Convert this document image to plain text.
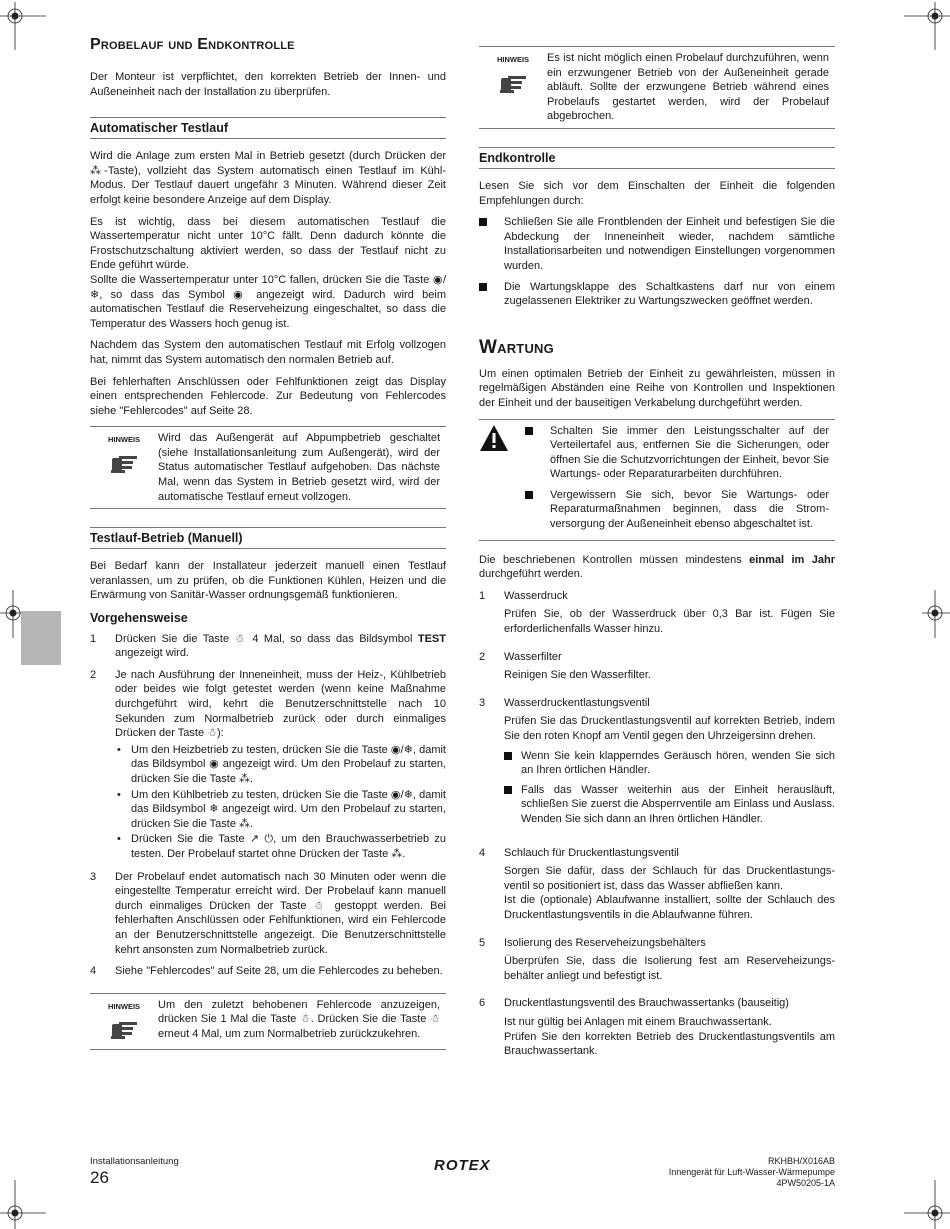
Probelauf und Endkontrolle

Der Monteur ist verpflichtet, den korrekten Betrieb der Innen- und Außeneinheit nach der Installation zu überprüfen.

Automatischer Testlauf

Wird die Anlage zum ersten Mal in Betrieb gesetzt (durch Drücken der ⁂-Taste), vollzieht das System automatisch einen Testlauf im Kühl-Modus. Der Testlauf dauert ungefähr 3 Minuten. Während dieser Zeit erfolgt keine besondere Anzeige auf dem Display.

Es ist wichtig, dass bei diesem automatischen Testlauf die Wassertemperatur nicht unter 10°C fällt. Denn dadurch könnte die Frostschutzschaltung aktiviert werden, so dass der Testlauf nicht zu Ende geführt würde.

Sollte die Wassertemperatur unter 10°C fallen, drücken Sie die Taste ◉/❄, so dass das Symbol ◉ angezeigt wird. Dadurch wird beim automatischen Testlauf die Reserveheizung eingeschaltet, so dass die Temperatur des Wassers hoch genug ist.

Nachdem das System den automatischen Testlauf mit Erfolg vollzogen hat, nimmt das System automatisch den normalen Betrieb auf.

Bei fehlerhaften Anschlüssen oder Fehlfunktionen zeigt das Display einen entsprechenden Fehlercode. Zur Bedeutung von Fehlercodes siehe "Fehlercodes" auf Seite 28.

HINWEIS	Wird das Außengerät auf Abpumpbetrieb geschaltet (siehe Installationsanleitung zum Außengerät), wird der Status automatischer Testlauf aufgehoben. Das nächste Mal, wenn das System in Betrieb gesetzt wird, wird der automatische Testlauf erneut vollzogen.
Testlauf-Betrieb (Manuell)

Bei Bedarf kann der Installateur jederzeit manuell einen Testlauf veranlassen, um zu prüfen, ob die Funktionen Kühlen, Heizen und die Erwärmung von Sanitär-Wasser ordnungsgemäß funktionieren.

Vorgehensweise
1	Drücken Sie die Taste ☃ 4 Mal, so dass das Bildsymbol TEST angezeigt wird.
2	Je nach Ausführung der Inneneinheit, muss der Heiz-, Kühlbetrieb oder beides wie folgt getestet werden (wenn keine Maßnahme durchgeführt wird, kehrt die Benutzerschnittstelle nach 10 Sekunden zum Normalbetrieb zurück oder durch einmaliges Drücken der Taste ☃):
• Um den Heizbetrieb zu testen, drücken Sie die Taste ◉/❄, damit das Bildsymbol ◉ angezeigt wird. Um den Probelauf zu starten, drücken Sie die Taste ⁂.
• Um den Kühlbetrieb zu testen, drücken Sie die Taste ◉/❄, damit das Bildsymbol ❄ angezeigt wird. Um den Probelauf zu starten, drücken Sie die Taste ⁂.
• Drücken Sie die Taste ↗ ⏻, um den Brauchwasserbetrieb zu testen. Der Probelauf startet ohne Drücken der Taste ⁂.
3	Der Probelauf endet automatisch nach 30 Minuten oder wenn die eingestellte Temperatur erreicht wird. Der Probelauf kann manuell durch einmaliges Drücken der Taste ☃ gestoppt werden. Bei fehlerhaften Anschlüssen oder Fehlfunktionen, wird ein Fehlercode an der Benutzerschnittstelle angezeigt. Die Benutzerschnittstelle kehrt ansonsten zum Normalbetrieb zurück.
4	Siehe "Fehlercodes" auf Seite 28, um die Fehlercodes zu beheben.
HINWEIS	Um den zuletzt behobenen Fehlercode anzuzeigen, drücken Sie 1 Mal die Taste ☃. Drücken Sie die Taste ☃ erneut 4 Mal, um zum Normalbetrieb zurückzukehren.
HINWEIS	Es ist nicht möglich einen Probelauf durchzuführen, wenn ein erzwungener Betrieb von der Außeneinheit gerade abläuft. Sollte der erzwungene Betrieb während eines Probelaufs gestartet werden, wird der Probelauf abgebrochen.
Endkontrolle

Lesen Sie sich vor dem Einschalten der Einheit die folgenden Empfehlungen durch:

Schließen Sie alle Frontblenden der Einheit und befestigen Sie die Abdeckung der Inneneinheit wieder, nachdem sämtliche Installationsarbeiten und notwendigen Einstellungen vorgenommen wurden.
Die Wartungsklappe des Schaltkastens darf nur von einem zugelassenen Elektriker zu Wartungszwecken geöffnet werden.
Wartung

Um einen optimalen Betrieb der Einheit zu gewährleisten, müssen in regelmäßigen Abständen eine Reihe von Kontrollen und Inspektionen der Einheit und der bauseitigen Verkabelung durchgeführt werden.

Schalten Sie immer den Leistungsschalter auf der Verteilertafel aus, entfernen Sie die Sicherungen, oder öffnen Sie die Schutzvorrichtungen der Einheit, bevor Sie Wartungs- oder Reparaturarbeiten durchführen.
Vergewissern Sie sich, bevor Sie Wartungs- oder Reparaturmaßnahmen beginnen, dass die Strom-versorgung der Außeneinheit ebenso abgeschaltet ist.

Die beschriebenen Kontrollen müssen mindestens einmal im Jahr durchgeführt werden.

1	Wasserdruck
Prüfen Sie, ob der Wasserdruck über 0,3 Bar ist. Fügen Sie erforderlichenfalls Wasser hinzu.
2	Wasserfilter
Reinigen Sie den Wasserfilter.
3	Wasserdruckentlastungsventil
Prüfen Sie das Druckentlastungsventil auf korrekten Betrieb, indem Sie den roten Knopf am Ventil gegen den Uhrzeigersinn drehen.
Wenn Sie kein klapperndes Geräusch hören, wenden Sie sich an Ihren örtlichen Händler.
Falls das Wasser weiterhin aus der Einheit herausläuft, schließen Sie zuerst die Absperrventile am Einlass und Auslass. Wenden Sie sich dann an Ihren örtlichen Händler.
4	Schlauch für Druckentlastungsventil
Sorgen Sie dafür, dass der Schlauch für das Druckentlastungs-ventil so positioniert ist, dass das Wasser abfließen kann.
Ist die (optionale) Ablaufwanne installiert, sollte der Schlauch des Druckentlastungsventils in die Ablaufwanne führen.
5	Isolierung des Reserveheizungsbehälters
Überprüfen Sie, dass die Isolierung fest am Reserveheizungs-behälter anliegt und befestigt ist.
6	Druckentlastungsventil des Brauchwassertanks (bauseitig)
Ist nur gültig bei Anlagen mit einem Brauchwassertank.
Prüfen Sie den korrekten Betrieb des Druckentlastungsventils am Brauchwassertank.
Installationsanleitung
26
ROTEX	RKHBH/X016AB
Innengerät für Luft-Wasser-Wärmepumpe
4PW50205-1A
